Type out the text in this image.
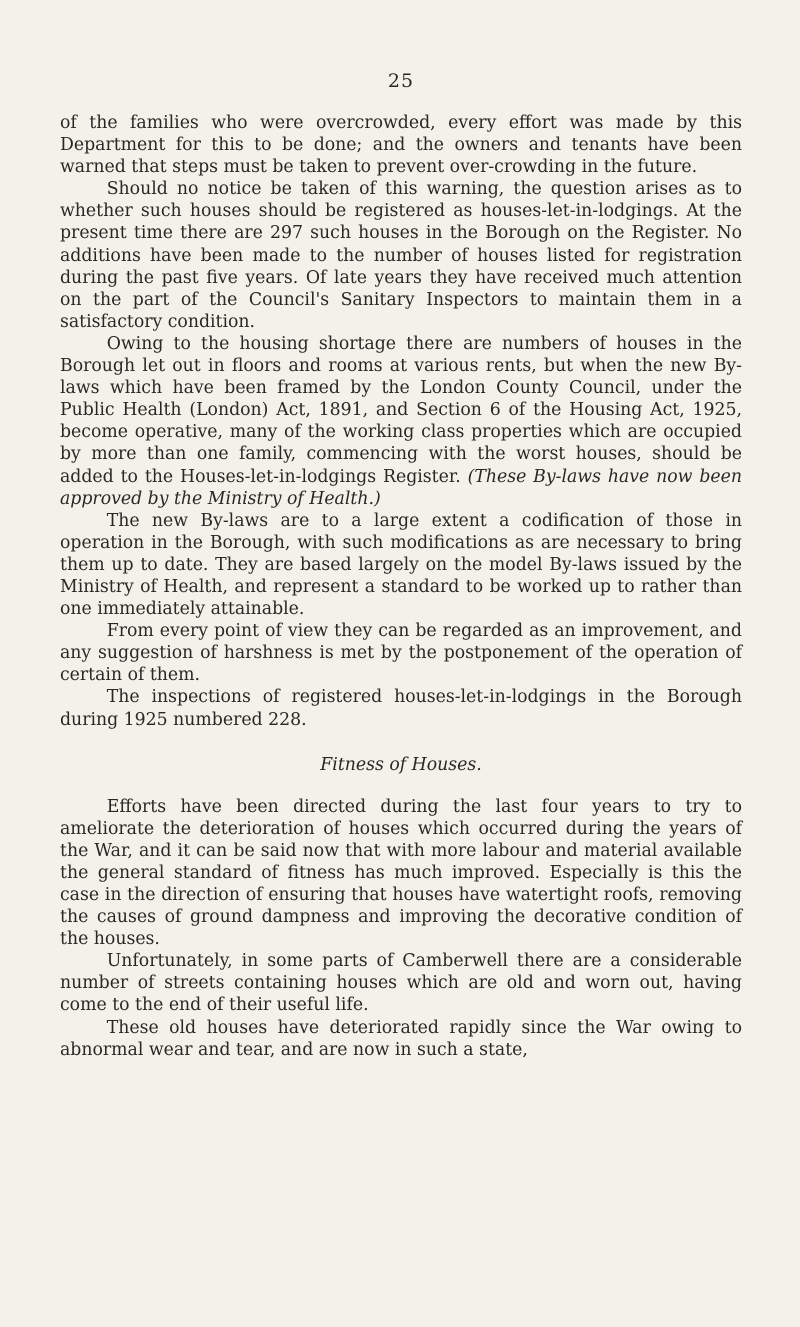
25

of the families who were overcrowded, every effort was made by this Department for this to be done; and the owners and tenants have been warned that steps must be taken to prevent over-crowding in the future.

Should no notice be taken of this warning, the question arises as to whether such houses should be registered as houses-let-in-lodgings. At the present time there are 297 such houses in the Borough on the Register. No additions have been made to the number of houses listed for registration during the past five years. Of late years they have received much attention on the part of the Council's Sanitary Inspectors to maintain them in a satisfactory condition.

Owing to the housing shortage there are numbers of houses in the Borough let out in floors and rooms at various rents, but when the new By-laws which have been framed by the London County Council, under the Public Health (London) Act, 1891, and Section 6 of the Housing Act, 1925, become operative, many of the working class properties which are occupied by more than one family, commencing with the worst houses, should be added to the Houses-let-in-lodgings Register. (These By-laws have now been approved by the Ministry of Health.)

The new By-laws are to a large extent a codification of those in operation in the Borough, with such modifications as are necessary to bring them up to date. They are based largely on the model By-laws issued by the Ministry of Health, and represent a standard to be worked up to rather than one immediately attainable.

From every point of view they can be regarded as an improvement, and any suggestion of harshness is met by the postponement of the operation of certain of them.

The inspections of registered houses-let-in-lodgings in the Borough during 1925 numbered 228.

Fitness of Houses.

Efforts have been directed during the last four years to try to ameliorate the deterioration of houses which occurred during the years of the War, and it can be said now that with more labour and material available the general standard of fitness has much improved. Especially is this the case in the direction of ensuring that houses have watertight roofs, removing the causes of ground dampness and improving the decorative condition of the houses.

Unfortunately, in some parts of Camberwell there are a considerable number of streets containing houses which are old and worn out, having come to the end of their useful life.

These old houses have deteriorated rapidly since the War owing to abnormal wear and tear, and are now in such a state,
